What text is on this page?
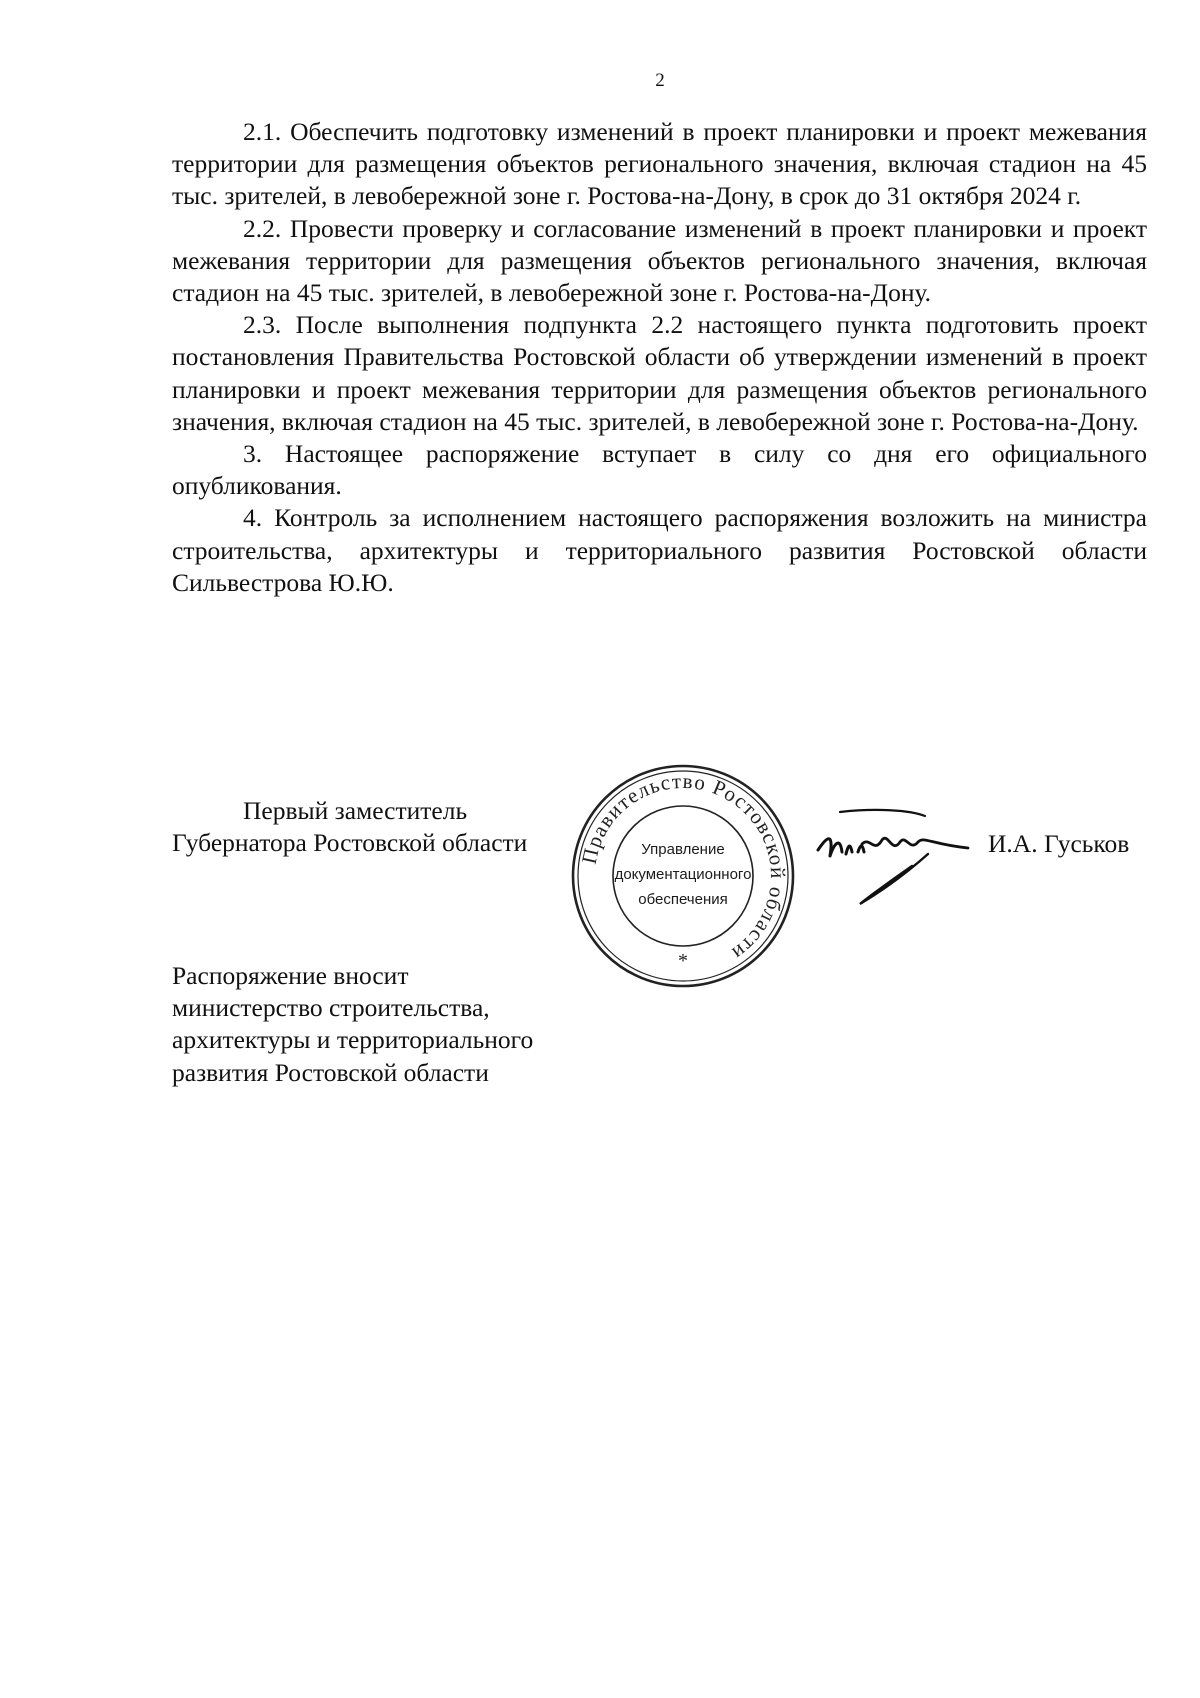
2

2.1. Обеспечить подготовку изменений в проект планировки и проект межевания территории для размещения объектов регионального значения, включая стадион на 45 тыс. зрителей, в левобережной зоне г. Ростова-на-Дону, в срок до 31 октября 2024 г.

2.2. Провести проверку и согласование изменений в проект планировки и проект межевания территории для размещения объектов регионального значения, включая стадион на 45 тыс. зрителей, в левобережной зоне г. Ростова-на-Дону.

2.3. После выполнения подпункта 2.2 настоящего пункта подготовить проект постановления Правительства Ростовской области об утверждении изменений в проект планировки и проект межевания территории для размещения объектов регионального значения, включая стадион на 45 тыс. зрителей, в левобережной зоне г. Ростова-на-Дону.

3. Настоящее распоряжение вступает в силу со дня его официального опубликования.

4. Контроль за исполнением настоящего распоряжения возложить на министра строительства, архитектуры и территориального развития Ростовской области Сильвестрова Ю.Ю.

Первый заместитель
Губернатора Ростовской области Правительство Ростовской области
*
Управление
документационного
обеспечения
И.А. Гуськов
Распоряжение вносит
министерство строительства,
архитектуры и территориального
развития Ростовской области
